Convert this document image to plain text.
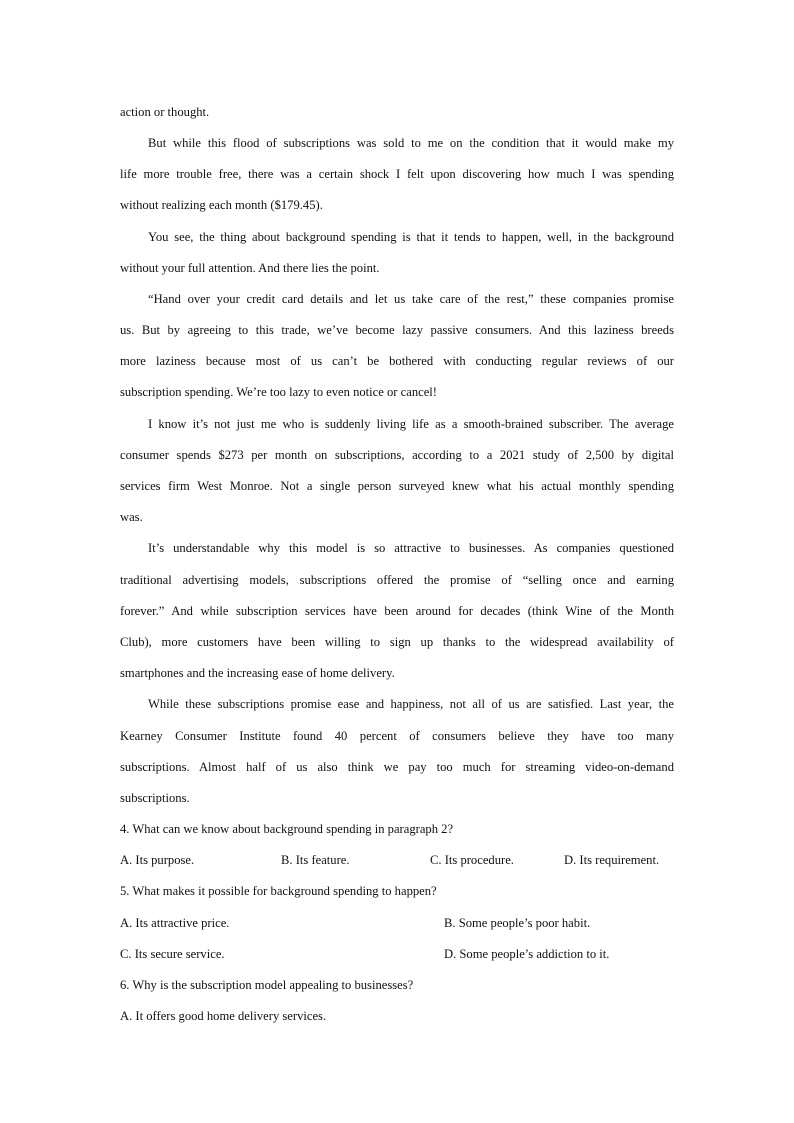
action or thought.
But while this flood of subscriptions was sold to me on the condition that it would make my
life more trouble free, there was a certain shock I felt upon discovering how much I was spending
without realizing each month ($179.45).
You see, the thing about background spending is that it tends to happen, well, in the background
without your full attention. And there lies the point.
“Hand over your credit card details and let us take care of the rest,” these companies promise
us. But by agreeing to this trade, we’ve become lazy passive consumers. And this laziness breeds
more laziness because most of us can’t be bothered with conducting regular reviews of our
subscription spending. We’re too lazy to even notice or cancel!
I know it’s not just me who is suddenly living life as a smooth-brained subscriber. The average
consumer spends $273 per month on subscriptions, according to a 2021 study of 2,500 by digital
services firm West Monroe. Not a single person surveyed knew what his actual monthly spending
was.
It’s understandable why this model is so attractive to businesses. As companies questioned
traditional advertising models, subscriptions offered the promise of “selling once and earning
forever.” And while subscription services have been around for decades (think Wine of the Month
Club), more customers have been willing to sign up thanks to the widespread availability of
smartphones and the increasing ease of home delivery.
While these subscriptions promise ease and happiness, not all of us are satisfied. Last year, the
Kearney Consumer Institute found 40 percent of consumers believe they have too many
subscriptions. Almost half of us also think we pay too much for streaming video-on-demand
subscriptions.
4. What can we know about background spending in paragraph 2?
A. Its purpose.	B. Its feature.	C. Its procedure.	D. Its requirement.
5. What makes it possible for background spending to happen?
A. Its attractive price.	B. Some people’s poor habit.
C. Its secure service.	D. Some people’s addiction to it.
6. Why is the subscription model appealing to businesses?
A. It offers good home delivery services.
